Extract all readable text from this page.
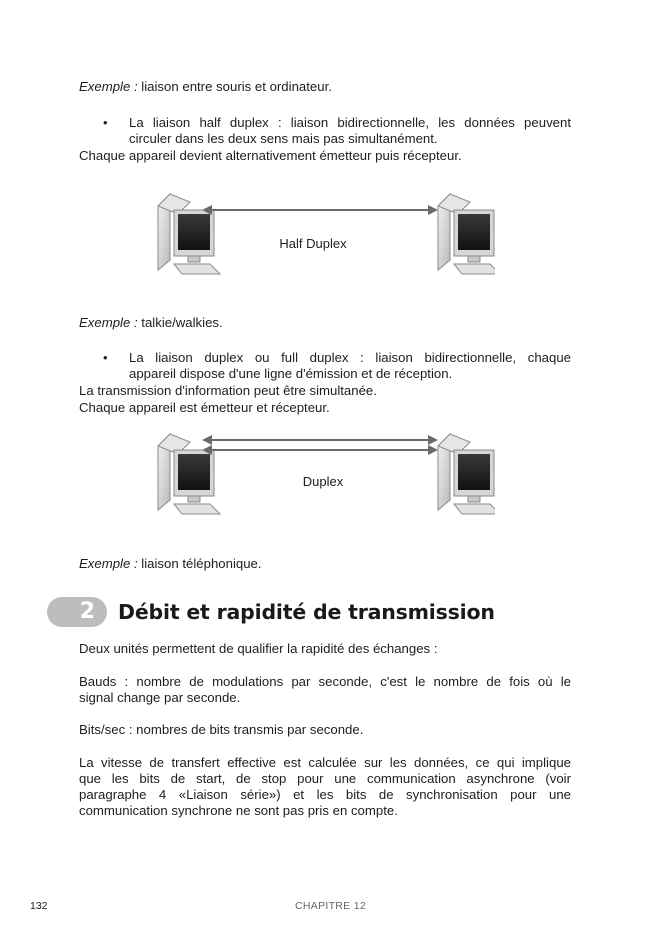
Exemple : liaison entre souris et ordinateur.
• La liaison half duplex : liaison bidirectionnelle, les données peuvent
circuler dans les deux sens mais pas simultanément.
Chaque appareil devient alternativement émetteur puis récepteur.
Half Duplex
Exemple : talkie/walkies.
• La liaison duplex ou full duplex : liaison bidirectionnelle, chaque
appareil dispose d'une ligne d'émission et de réception.
La transmission d'information peut être simultanée.
Chaque appareil est émetteur et récepteur.
Duplex
Exemple : liaison téléphonique.
2	Débit et rapidité de transmission
Deux unités permettent de qualifier la rapidité des échanges :
Bauds : nombre de modulations par seconde, c'est le nombre de fois où le
signal change par seconde.
Bits/sec : nombres de bits transmis par seconde.
La vitesse de transfert effective est calculée sur les données, ce qui implique
que les bits de start, de stop pour une communication asynchrone (voir
paragraphe 4 «Liaison série») et les bits de synchronisation pour une
communication synchrone ne sont pas pris en compte.
132	CHAPITRE 12
